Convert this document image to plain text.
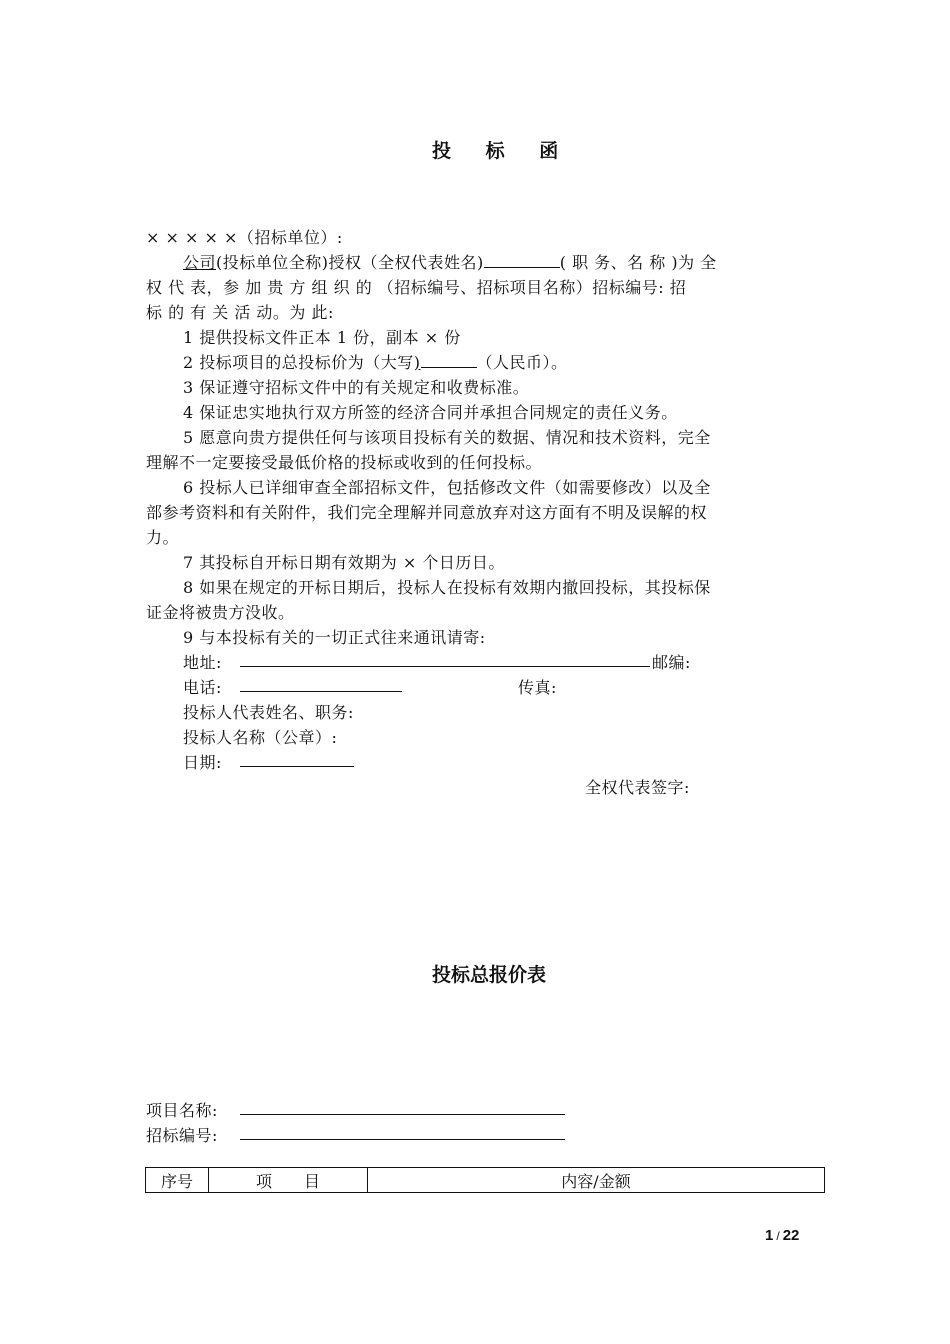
投 标 函
× × × × ×（招标单位）:
公司(投标单位全称)授权（全权代表姓名)	( 职 务、名 称 )为 全
权 代 表，参 加 贵 方 组 织 的 （招标编号、招标项目名称）招标编号: 招
标 的 有 关 活 动。为 此:
1 提供投标文件正本 1 份，副本 × 份
2 投标项目的总投标价为（大写)	（人民币）。
3 保证遵守招标文件中的有关规定和收费标准。
4 保证忠实地执行双方所签的经济合同并承担合同规定的责任义务。
5 愿意向贵方提供任何与该项目投标有关的数据、情况和技术资料，完全
理解不一定要接受最低价格的投标或收到的任何投标。
6 投标人已详细审查全部招标文件，包括修改文件（如需要修改）以及全
部参考资料和有关附件，我们完全理解并同意放弃对这方面有不明及误解的权
力。
7 其投标自开标日期有效期为 × 个日历日。
8 如果在规定的开标日期后，投标人在投标有效期内撤回投标，其投标保
证金将被贵方没收。
9 与本投标有关的一切正式往来通讯请寄:
地址:	邮编:
电话:	传真:
投标人代表姓名、职务:
投标人名称（公章）:
日期:
全权代表签字:
投标总报价表
项目名称:
招标编号:
序号	项　　目	内容/金额
1 / 22
